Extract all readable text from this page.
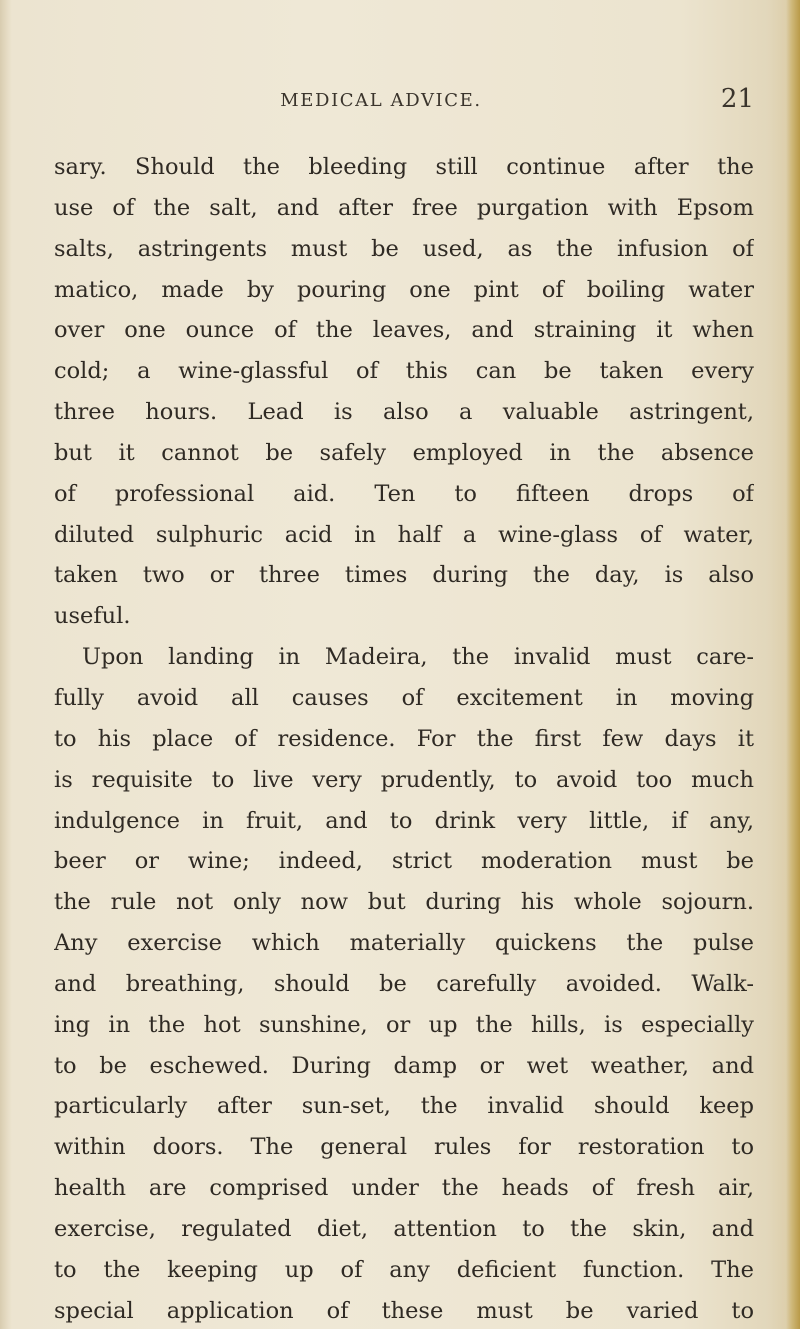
MEDICAL ADVICE.	21
sary. Should the bleeding still continue after the
use of the salt, and after free purgation with Epsom
salts, astringents must be used, as the infusion of
matico, made by pouring one pint of boiling water
over one ounce of the leaves, and straining it when
cold; a wine-glassful of this can be taken every
three hours. Lead is also a valuable astringent,
but it cannot be safely employed in the absence
of professional aid. Ten to fifteen drops of
diluted sulphuric acid in half a wine-glass of water,
taken two or three times during the day, is also
useful.
Upon landing in Madeira, the invalid must care-
fully avoid all causes of excitement in moving
to his place of residence. For the first few days it
is requisite to live very prudently, to avoid too much
indulgence in fruit, and to drink very little, if any,
beer or wine; indeed, strict moderation must be
the rule not only now but during his whole sojourn.
Any exercise which materially quickens the pulse
and breathing, should be carefully avoided. Walk-
ing in the hot sunshine, or up the hills, is especially
to be eschewed. During damp or wet weather, and
particularly after sun-set, the invalid should keep
within doors. The general rules for restoration to
health are comprised under the heads of fresh air,
exercise, regulated diet, attention to the skin, and
to the keeping up of any deficient function. The
special application of these must be varied to
